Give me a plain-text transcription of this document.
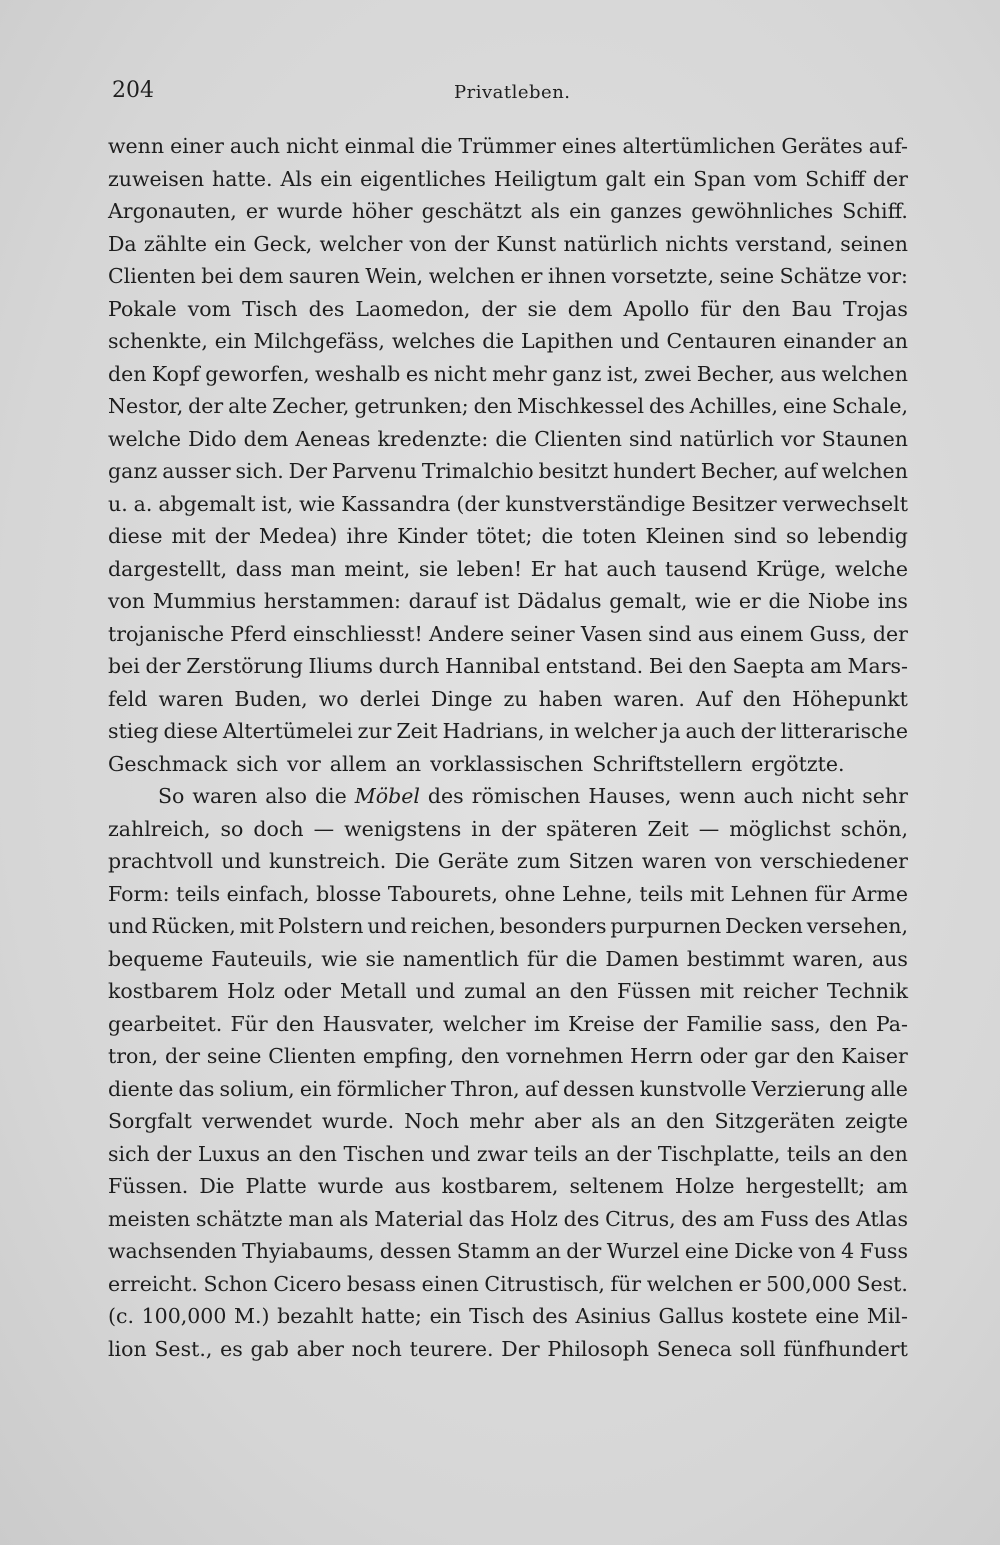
204	Privatleben.
wenn einer auch nicht einmal die Trümmer eines altertümlichen Gerätes auf-
zuweisen hatte. Als ein eigentliches Heiligtum galt ein Span vom Schiff der
Argonauten, er wurde höher geschätzt als ein ganzes gewöhnliches Schiff.
Da zählte ein Geck, welcher von der Kunst natürlich nichts verstand, seinen
Clienten bei dem sauren Wein, welchen er ihnen vorsetzte, seine Schätze vor:
Pokale vom Tisch des Laomedon, der sie dem Apollo für den Bau Trojas
schenkte, ein Milchgefäss, welches die Lapithen und Centauren einander an
den Kopf geworfen, weshalb es nicht mehr ganz ist, zwei Becher, aus welchen
Nestor, der alte Zecher, getrunken; den Mischkessel des Achilles, eine Schale,
welche Dido dem Aeneas kredenzte: die Clienten sind natürlich vor Staunen
ganz ausser sich. Der Parvenu Trimalchio besitzt hundert Becher, auf welchen
u. a. abgemalt ist, wie Kassandra (der kunstverständige Besitzer verwechselt
diese mit der Medea) ihre Kinder tötet; die toten Kleinen sind so lebendig
dargestellt, dass man meint, sie leben! Er hat auch tausend Krüge, welche
von Mummius herstammen: darauf ist Dädalus gemalt, wie er die Niobe ins
trojanische Pferd einschliesst! Andere seiner Vasen sind aus einem Guss, der
bei der Zerstörung Iliums durch Hannibal entstand. Bei den Saepta am Mars-
feld waren Buden, wo derlei Dinge zu haben waren. Auf den Höhepunkt
stieg diese Altertümelei zur Zeit Hadrians, in welcher ja auch der litterarische
Geschmack sich vor allem an vorklassischen Schriftstellern ergötzte.
So waren also die Möbel des römischen Hauses, wenn auch nicht sehr
zahlreich, so doch — wenigstens in der späteren Zeit — möglichst schön,
prachtvoll und kunstreich. Die Geräte zum Sitzen waren von verschiedener
Form: teils einfach, blosse Tabourets, ohne Lehne, teils mit Lehnen für Arme
und Rücken, mit Polstern und reichen, besonders purpurnen Decken versehen,
bequeme Fauteuils, wie sie namentlich für die Damen bestimmt waren, aus
kostbarem Holz oder Metall und zumal an den Füssen mit reicher Technik
gearbeitet. Für den Hausvater, welcher im Kreise der Familie sass, den Pa-
tron, der seine Clienten empfing, den vornehmen Herrn oder gar den Kaiser
diente das solium, ein förmlicher Thron, auf dessen kunstvolle Verzierung alle
Sorgfalt verwendet wurde. Noch mehr aber als an den Sitzgeräten zeigte
sich der Luxus an den Tischen und zwar teils an der Tischplatte, teils an den
Füssen. Die Platte wurde aus kostbarem, seltenem Holze hergestellt; am
meisten schätzte man als Material das Holz des Citrus, des am Fuss des Atlas
wachsenden Thyiabaums, dessen Stamm an der Wurzel eine Dicke von 4 Fuss
erreicht. Schon Cicero besass einen Citrustisch, für welchen er 500,000 Sest.
(c. 100,000 M.) bezahlt hatte; ein Tisch des Asinius Gallus kostete eine Mil-
lion Sest., es gab aber noch teurere. Der Philosoph Seneca soll fünfhundert
